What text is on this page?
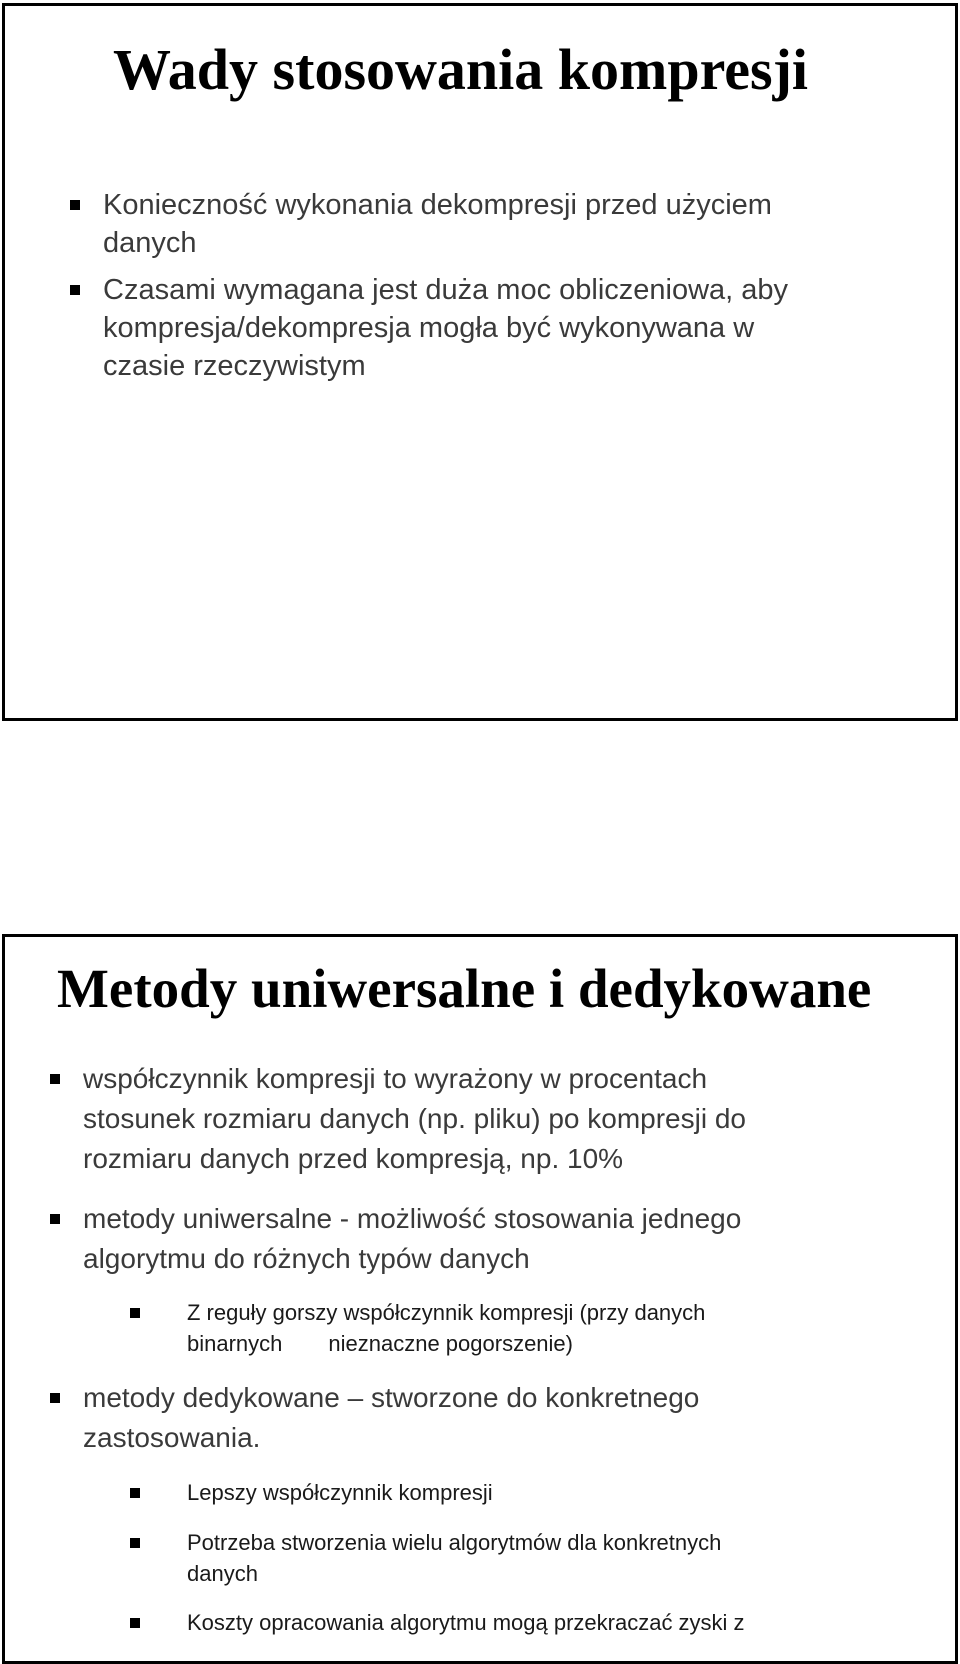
Wady stosowania kompresji
Konieczność wykonania dekompresji przed użyciem
danych
Czasami wymagana jest duża moc obliczeniowa, aby
kompresja/dekompresja mogła być wykonywana w
czasie rzeczywistym
Metody uniwersalne i dedykowane
współczynnik kompresji to wyrażony w procentach
stosunek rozmiaru danych (np. pliku) po kompresji do
rozmiaru danych przed kompresją, np. 10%
metody uniwersalne - możliwość stosowania jednego
algorytmu do różnych typów danych
Z reguły gorszy współczynnik kompresji (przy danych
binarnych nieznaczne pogorszenie)
metody dedykowane – stworzone do konkretnego
zastosowania.
Lepszy współczynnik kompresji
Potrzeba stworzenia wielu algorytmów dla konkretnych
danych
Koszty opracowania algorytmu mogą przekraczać zyski z
